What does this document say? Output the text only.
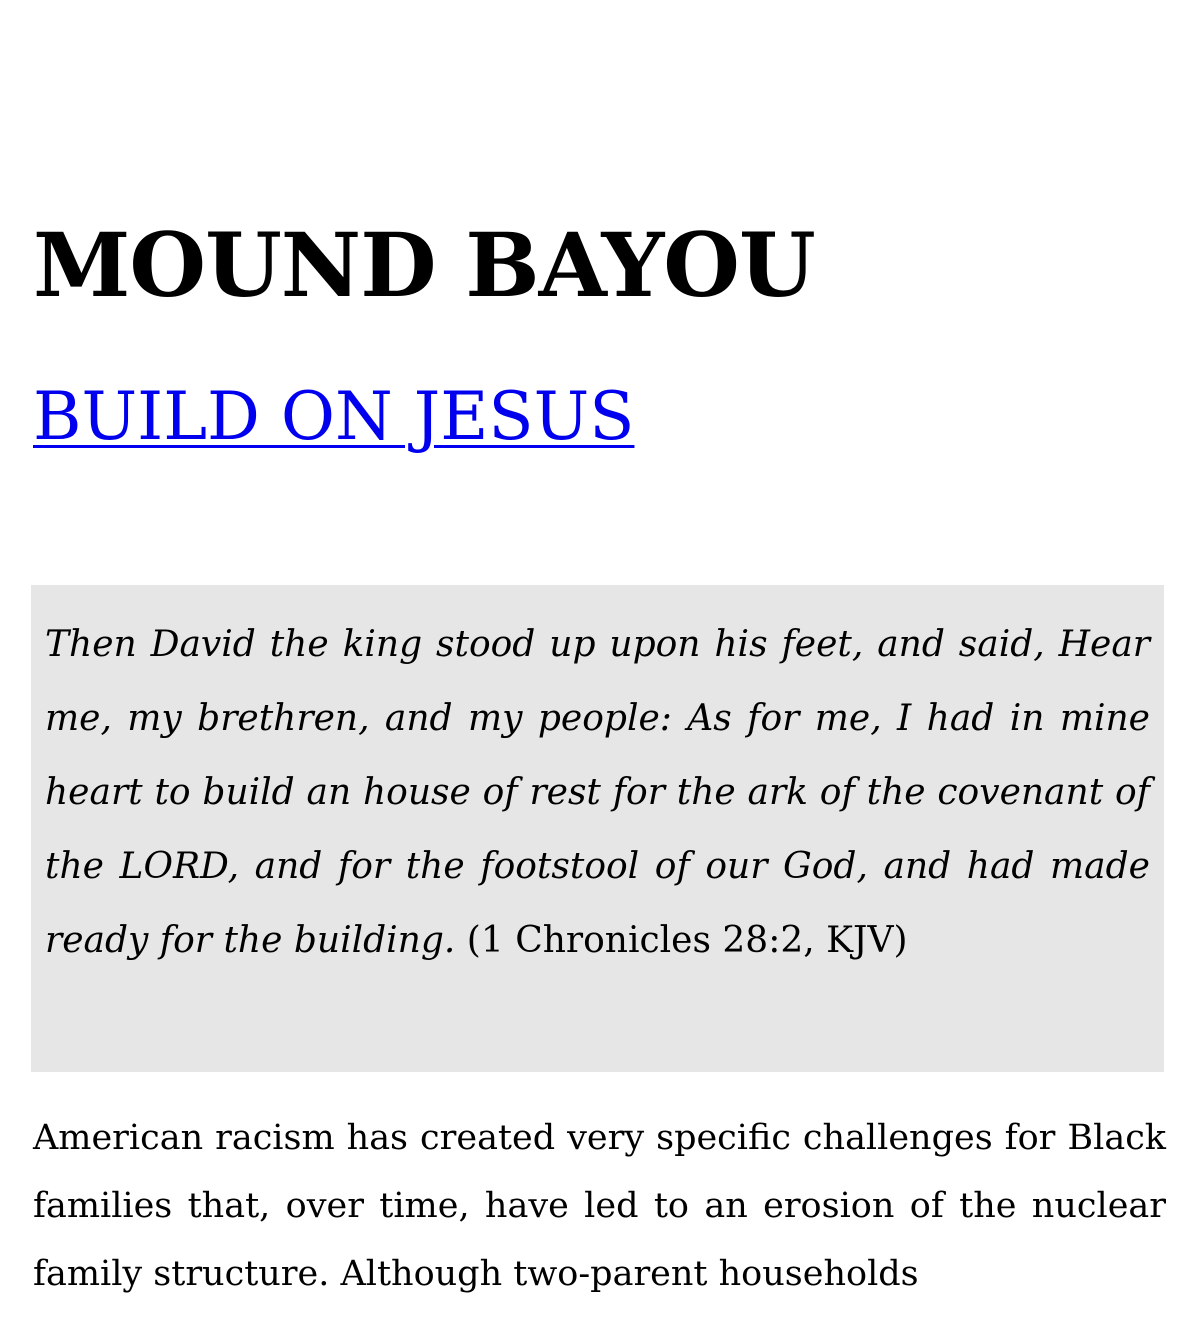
MOUND BAYOU
BUILD ON JESUS

Then David the king stood up upon his feet, and said, Hear me, my brethren, and my people: As for me, I had in mine heart to build an house of rest for the ark of the covenant of the LORD, and for the footstool of our God, and had made ready for the building. (1 Chronicles 28:2, KJV)

American racism has created very specific challenges for Black families that, over time, have led to an erosion of the nuclear family structure. Although two-parent households
